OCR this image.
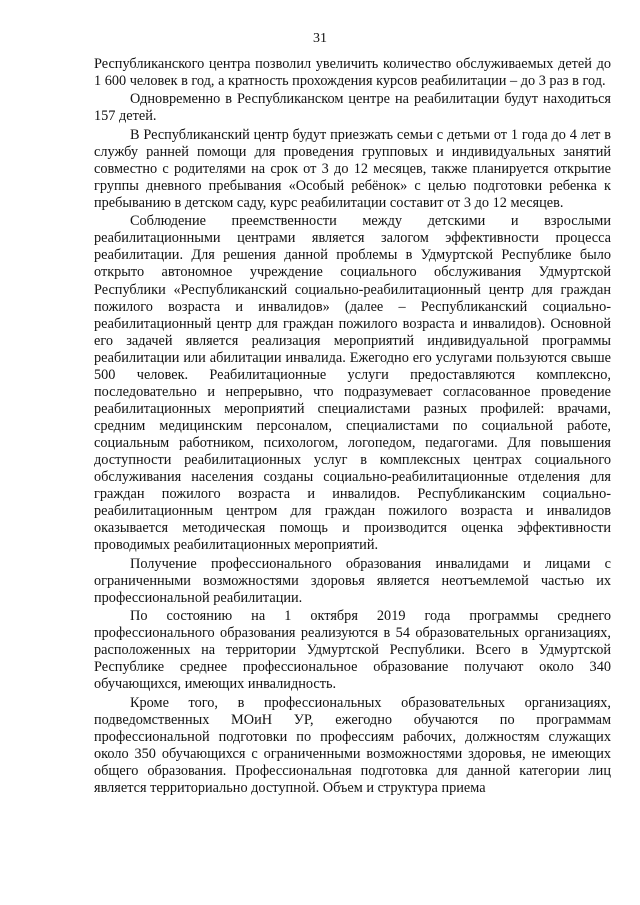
31

Республиканского центра позволил увеличить количество обслуживаемых детей до 1 600 человек в год, а кратность прохождения курсов реабилитации – до 3 раз в год.

Одновременно в Республиканском центре на реабилитации будут находиться 157 детей.

В Республиканский центр будут приезжать семьи с детьми от 1 года до 4 лет в службу ранней помощи для проведения групповых и индивидуальных занятий совместно с родителями на срок от 3 до 12 месяцев, также планируется открытие группы дневного пребывания «Особый ребёнок» с целью подготовки ребенка к пребыванию в детском саду, курс реабилитации составит от 3 до 12 месяцев.

Соблюдение преемственности между детскими и взрослыми реабилитационными центрами является залогом эффективности процесса реабилитации. Для решения данной проблемы в Удмуртской Республике было открыто автономное учреждение социального обслуживания Удмуртской Республики «Республиканский социально-реабилитационный центр для граждан пожилого возраста и инвалидов» (далее – Республиканский социально-реабилитационный центр для граждан пожилого возраста и инвалидов). Основной его задачей является реализация мероприятий индивидуальной программы реабилитации или абилитации инвалида. Ежегодно его услугами пользуются свыше 500 человек. Реабилитационные услуги предоставляются комплексно, последовательно и непрерывно, что подразумевает согласованное проведение реабилитационных мероприятий специалистами разных профилей: врачами, средним медицинским персоналом, специалистами по социальной работе, социальным работником, психологом, логопедом, педагогами. Для повышения доступности реабилитационных услуг в комплексных центрах социального обслуживания населения созданы социально-реабилитационные отделения для граждан пожилого возраста и инвалидов. Республиканским социально-реабилитационным центром для граждан пожилого возраста и инвалидов оказывается методическая помощь и производится оценка эффективности проводимых реабилитационных мероприятий.

Получение профессионального образования инвалидами и лицами с ограниченными возможностями здоровья является неотъемлемой частью их профессиональной реабилитации.

По состоянию на 1 октября 2019 года программы среднего профессионального образования реализуются в 54 образовательных организациях, расположенных на территории Удмуртской Республики. Всего в Удмуртской Республике среднее профессиональное образование получают около 340 обучающихся, имеющих инвалидность.

Кроме того, в профессиональных образовательных организациях, подведомственных МОиН УР, ежегодно обучаются по программам профессиональной подготовки по профессиям рабочих, должностям служащих около 350 обучающихся с ограниченными возможностями здоровья, не имеющих общего образования. Профессиональная подготовка для данной категории лиц является территориально доступной. Объем и структура приема
